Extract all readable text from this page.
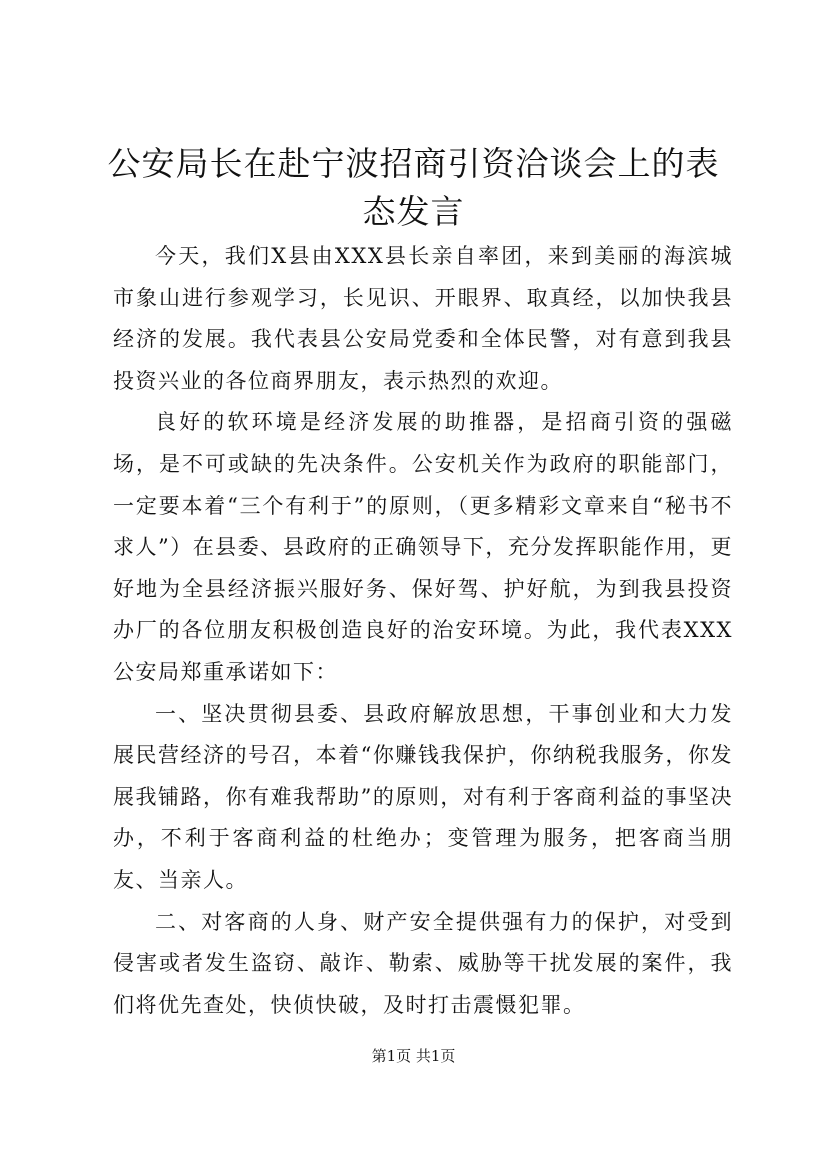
公安局长在赴宁波招商引资洽谈会上的表态发言

今天，我们X县由XXX县长亲自率团，来到美丽的海滨城市象山进行参观学习，长见识、开眼界、取真经，以加快我县经济的发展。我代表县公安局党委和全体民警，对有意到我县投资兴业的各位商界朋友，表示热烈的欢迎。

良好的软环境是经济发展的助推器，是招商引资的强磁场，是不可或缺的先决条件。公安机关作为政府的职能部门，一定要本着“三个有利于”的原则，（更多精彩文章来自“秘书不求人”）在县委、县政府的正确领导下，充分发挥职能作用，更好地为全县经济振兴服好务、保好驾、护好航，为到我县投资办厂的各位朋友积极创造良好的治安环境。为此，我代表XXX公安局郑重承诺如下：

一、坚决贯彻县委、县政府解放思想，干事创业和大力发展民营经济的号召，本着“你赚钱我保护，你纳税我服务，你发展我铺路，你有难我帮助”的原则，对有利于客商利益的事坚决办，不利于客商利益的杜绝办；变管理为服务，把客商当朋友、当亲人。

二、对客商的人身、财产安全提供强有力的保护，对受到侵害或者发生盗窃、敲诈、勒索、威胁等干扰发展的案件，我们将优先查处，快侦快破，及时打击震慑犯罪。

第1页 共1页
